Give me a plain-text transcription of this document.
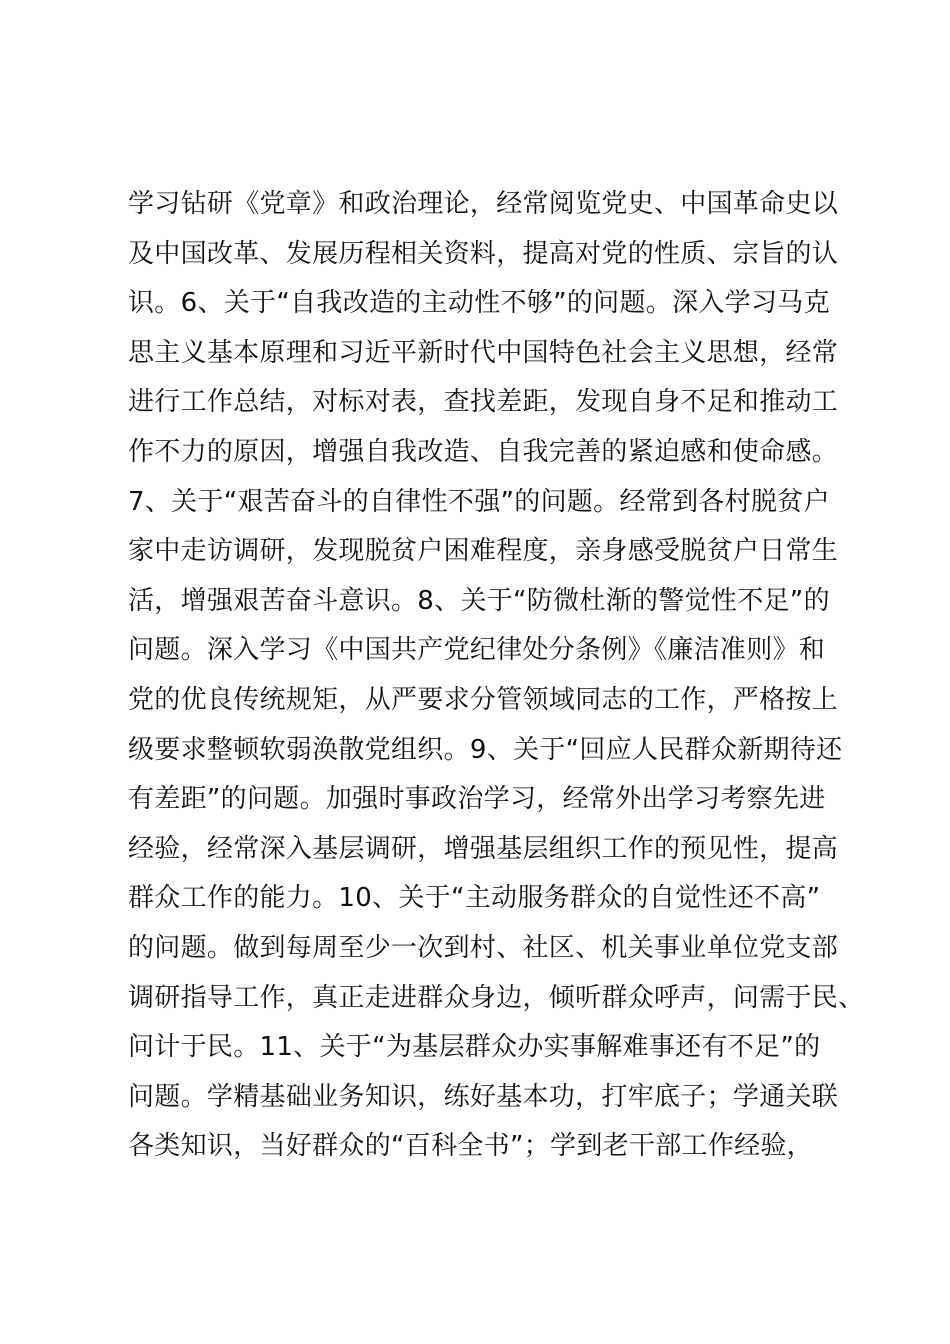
学习钻研《党章》和政治理论，经常阅览党史、中国革命史以
及中国改革、发展历程相关资料，提高对党的性质、宗旨的认
识。6、关于“自我改造的主动性不够”的问题。深入学习马克
思主义基本原理和习近平新时代中国特色社会主义思想，经常
进行工作总结，对标对表，查找差距，发现自身不足和推动工
作不力的原因，增强自我改造、自我完善的紧迫感和使命感。
7、关于“艰苦奋斗的自律性不强”的问题。经常到各村脱贫户
家中走访调研，发现脱贫户困难程度，亲身感受脱贫户日常生
活，增强艰苦奋斗意识。8、关于“防微杜渐的警觉性不足”的
问题。深入学习《中国共产党纪律处分条例》《廉洁准则》和
党的优良传统规矩，从严要求分管领域同志的工作，严格按上
级要求整顿软弱涣散党组织。9、关于“回应人民群众新期待还
有差距”的问题。加强时事政治学习，经常外出学习考察先进
经验，经常深入基层调研，增强基层组织工作的预见性，提高
群众工作的能力。10、关于“主动服务群众的自觉性还不高”
的问题。做到每周至少一次到村、社区、机关事业单位党支部
调研指导工作，真正走进群众身边，倾听群众呼声，问需于民、
问计于民。11、关于“为基层群众办实事解难事还有不足”的
问题。学精基础业务知识，练好基本功，打牢底子；学通关联
各类知识，当好群众的“百科全书”；学到老干部工作经验，
